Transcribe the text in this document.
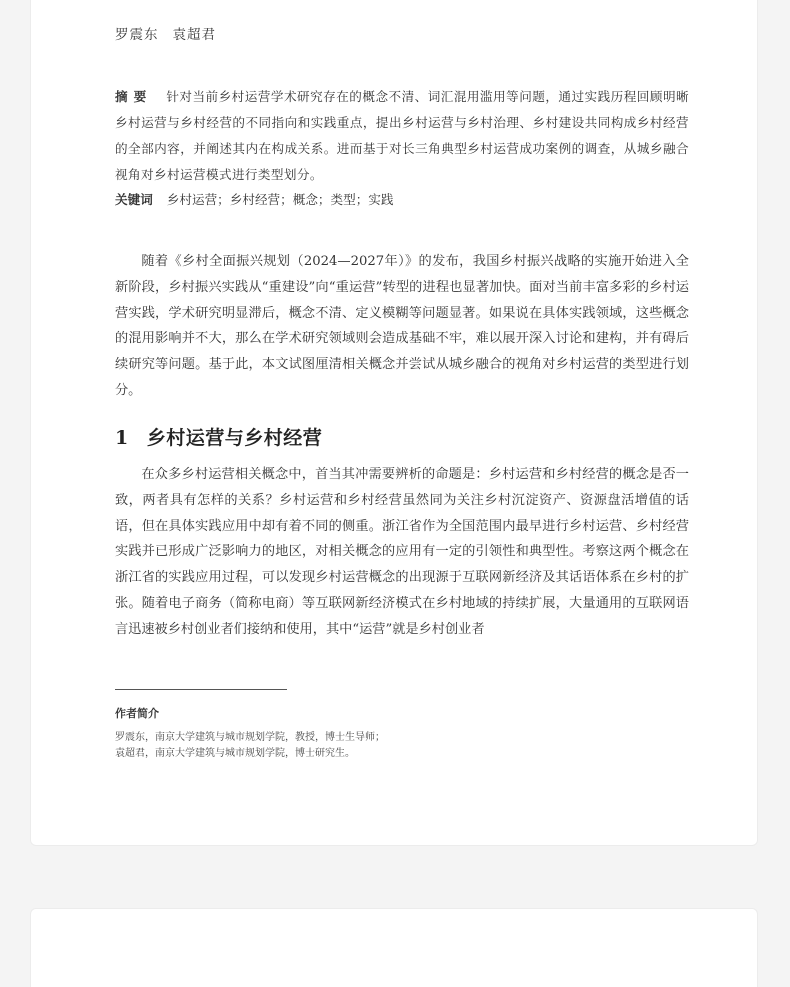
罗震东 袁超君
摘要 针对当前乡村运营学术研究存在的概念不清、词汇混用滥用等问题，通过实践历程回顾明晰乡村运营与乡村经营的不同指向和实践重点，提出乡村运营与乡村治理、乡村建设共同构成乡村经营的全部内容，并阐述其内在构成关系。进而基于对长三角典型乡村运营成功案例的调查，从城乡融合视角对乡村运营模式进行类型划分。
关键词 乡村运营；乡村经营；概念；类型；实践
随着《乡村全面振兴规划（2024—2027年）》的发布，我国乡村振兴战略的实施开始进入全新阶段，乡村振兴实践从“重建设”向“重运营”转型的进程也显著加快。面对当前丰富多彩的乡村运营实践，学术研究明显滞后，概念不清、定义模糊等问题显著。如果说在具体实践领域，这些概念的混用影响并不大，那么在学术研究领域则会造成基础不牢，难以展开深入讨论和建构，并有碍后续研究等问题。基于此，本文试图厘清相关概念并尝试从城乡融合的视角对乡村运营的类型进行划分。
1 乡村运营与乡村经营
在众多乡村运营相关概念中，首当其冲需要辨析的命题是：乡村运营和乡村经营的概念是否一致，两者具有怎样的关系？乡村运营和乡村经营虽然同为关注乡村沉淀资产、资源盘活增值的话语，但在具体实践应用中却有着不同的侧重。浙江省作为全国范围内最早进行乡村运营、乡村经营实践并已形成广泛影响力的地区，对相关概念的应用有一定的引领性和典型性。考察这两个概念在浙江省的实践应用过程，可以发现乡村运营概念的出现源于互联网新经济及其话语体系在乡村的扩张。随着电子商务（简称电商）等互联网新经济模式在乡村地域的持续扩展，大量通用的互联网语言迅速被乡村创业者们接纳和使用，其中“运营”就是乡村创业者
作者简介
罗震东，南京大学建筑与城市规划学院，教授，博士生导师；
袁超君，南京大学建筑与城市规划学院，博士研究生。
